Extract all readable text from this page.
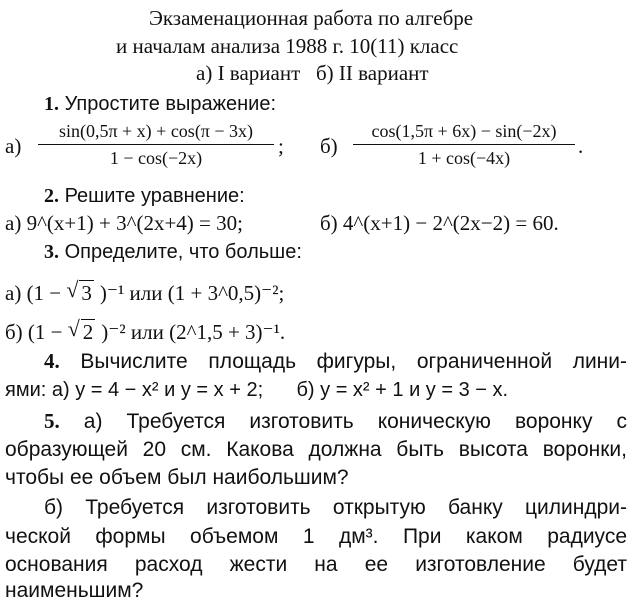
Экзаменационная работа по алгебре
и началам анализа 1988 г. 10(11) класс
а) I вариант   б) II вариант
1. Упростите выражение:
а)
sin(0,5π + x) + cos(π − 3x)
1 − cos(−2x)
; б)
cos(1,5π + 6x) − sin(−2x)
1 + cos(−4x)
.
2. Решите уравнение:
а) 9^(x+1) + 3^(2x+4) = 30;	б) 4^(x+1) − 2^(2x−2) = 60.
3. Определите, что больше:
а) (1 − √ 3 )⁻¹ или (1 + 3^0,5)⁻²;
б) (1 − √ 2 )⁻² или (2^1,5 + 3)⁻¹.
4. Вычислите площадь фигуры, ограниченной лини-
ями: а) y = 4 − x² и y = x + 2;      б) y = x² + 1 и y = 3 − x.
5. а) Требуется изготовить коническую воронку с
образующей 20 см. Какова должна быть высота воронки,
чтобы ее объем был наибольшим?
б) Требуется изготовить открытую банку цилиндри-
ческой формы объемом 1 дм³. При каком радиусе
основания расход жести на ее изготовление будет
наименьшим?
